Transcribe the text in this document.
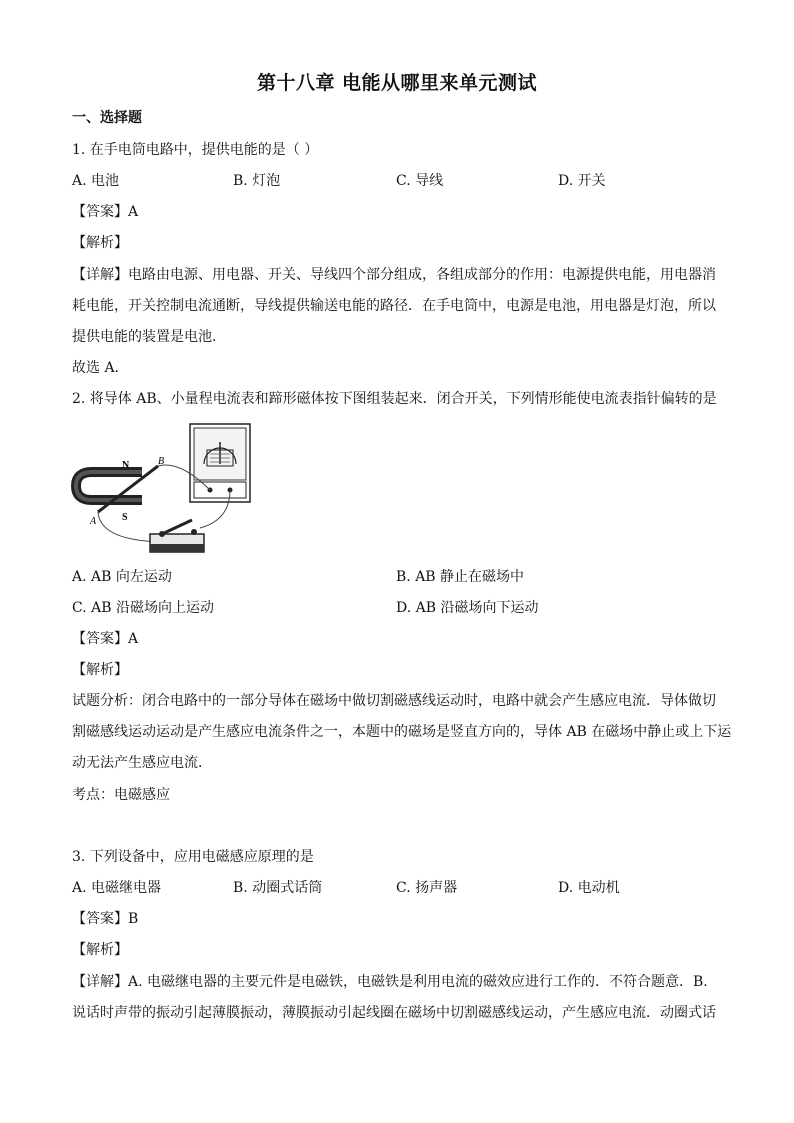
第十八章 电能从哪里来单元测试
一、选择题
1. 在手电筒电路中，提供电能的是（ ）
A. 电池	B. 灯泡	C. 导线	D. 开关
【答案】A
【解析】
【详解】电路由电源、用电器、开关、导线四个部分组成，各组成部分的作用：电源提供电能，用电器消
耗电能，开关控制电流通断，导线提供输送电能的路径．在手电筒中，电源是电池，用电器是灯泡，所以
提供电能的装置是电池．
故选 A．
2. 将导体 AB、小量程电流表和蹄形磁体按下图组装起来．闭合开关，下列情形能使电流表指针偏转的是
N
S
A
B
A. AB 向左运动	B. AB 静止在磁场中
C. AB 沿磁场向上运动	D. AB 沿磁场向下运动
【答案】A
【解析】
试题分析：闭合电路中的一部分导体在磁场中做切割磁感线运动时，电路中就会产生感应电流．导体做切
割磁感线运动运动是产生感应电流条件之一，本题中的磁场是竖直方向的，导体 AB 在磁场中静止或上下运
动无法产生感应电流．
考点：电磁感应
3. 下列设备中，应用电磁感应原理的是
A. 电磁继电器	B. 动圈式话筒	C. 扬声器	D. 电动机
【答案】B
【解析】
【详解】A. 电磁继电器的主要元件是电磁铁，电磁铁是利用电流的磁效应进行工作的．不符合题意．B.
说话时声带的振动引起薄膜振动，薄膜振动引起线圈在磁场中切割磁感线运动，产生感应电流．动圈式话
